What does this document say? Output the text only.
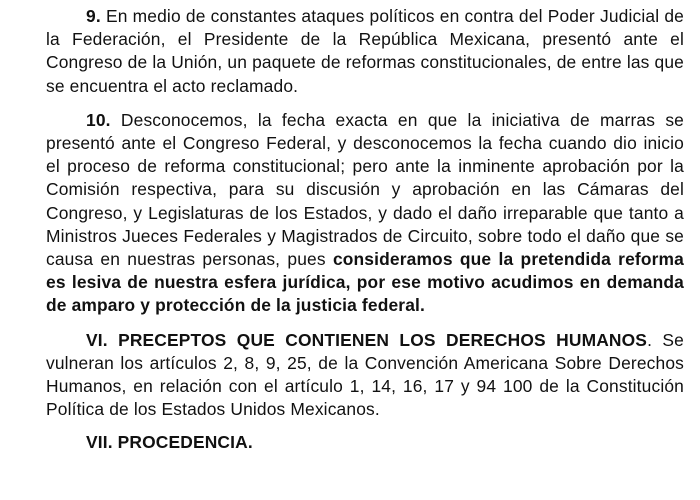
9. En medio de constantes ataques políticos en contra del Poder Judicial de la Federación, el Presidente de la República Mexicana, presentó ante el Congreso de la Unión, un paquete de reformas constitucionales, de entre las que se encuentra el acto reclamado.

10. Desconocemos, la fecha exacta en que la iniciativa de marras se presentó ante el Congreso Federal, y desconocemos la fecha cuando dio inicio el proceso de reforma constitucional; pero ante la inminente aprobación por la Comisión respectiva, para su discusión y aprobación en las Cámaras del Congreso, y Legislaturas de los Estados, y dado el daño irreparable que tanto a Ministros Jueces Federales y Magistrados de Circuito, sobre todo el daño que se causa en nuestras personas, pues consideramos que la pretendida reforma es lesiva de nuestra esfera jurídica, por ese motivo acudimos en demanda de amparo y protección de la justicia federal.

VI. PRECEPTOS QUE CONTIENEN LOS DERECHOS HUMANOS. Se vulneran los artículos 2, 8, 9, 25, de la Convención Americana Sobre Derechos Humanos, en relación con el artículo 1, 14, 16, 17 y 94 100 de la Constitución Política de los Estados Unidos Mexicanos.

VII. PROCEDENCIA.
